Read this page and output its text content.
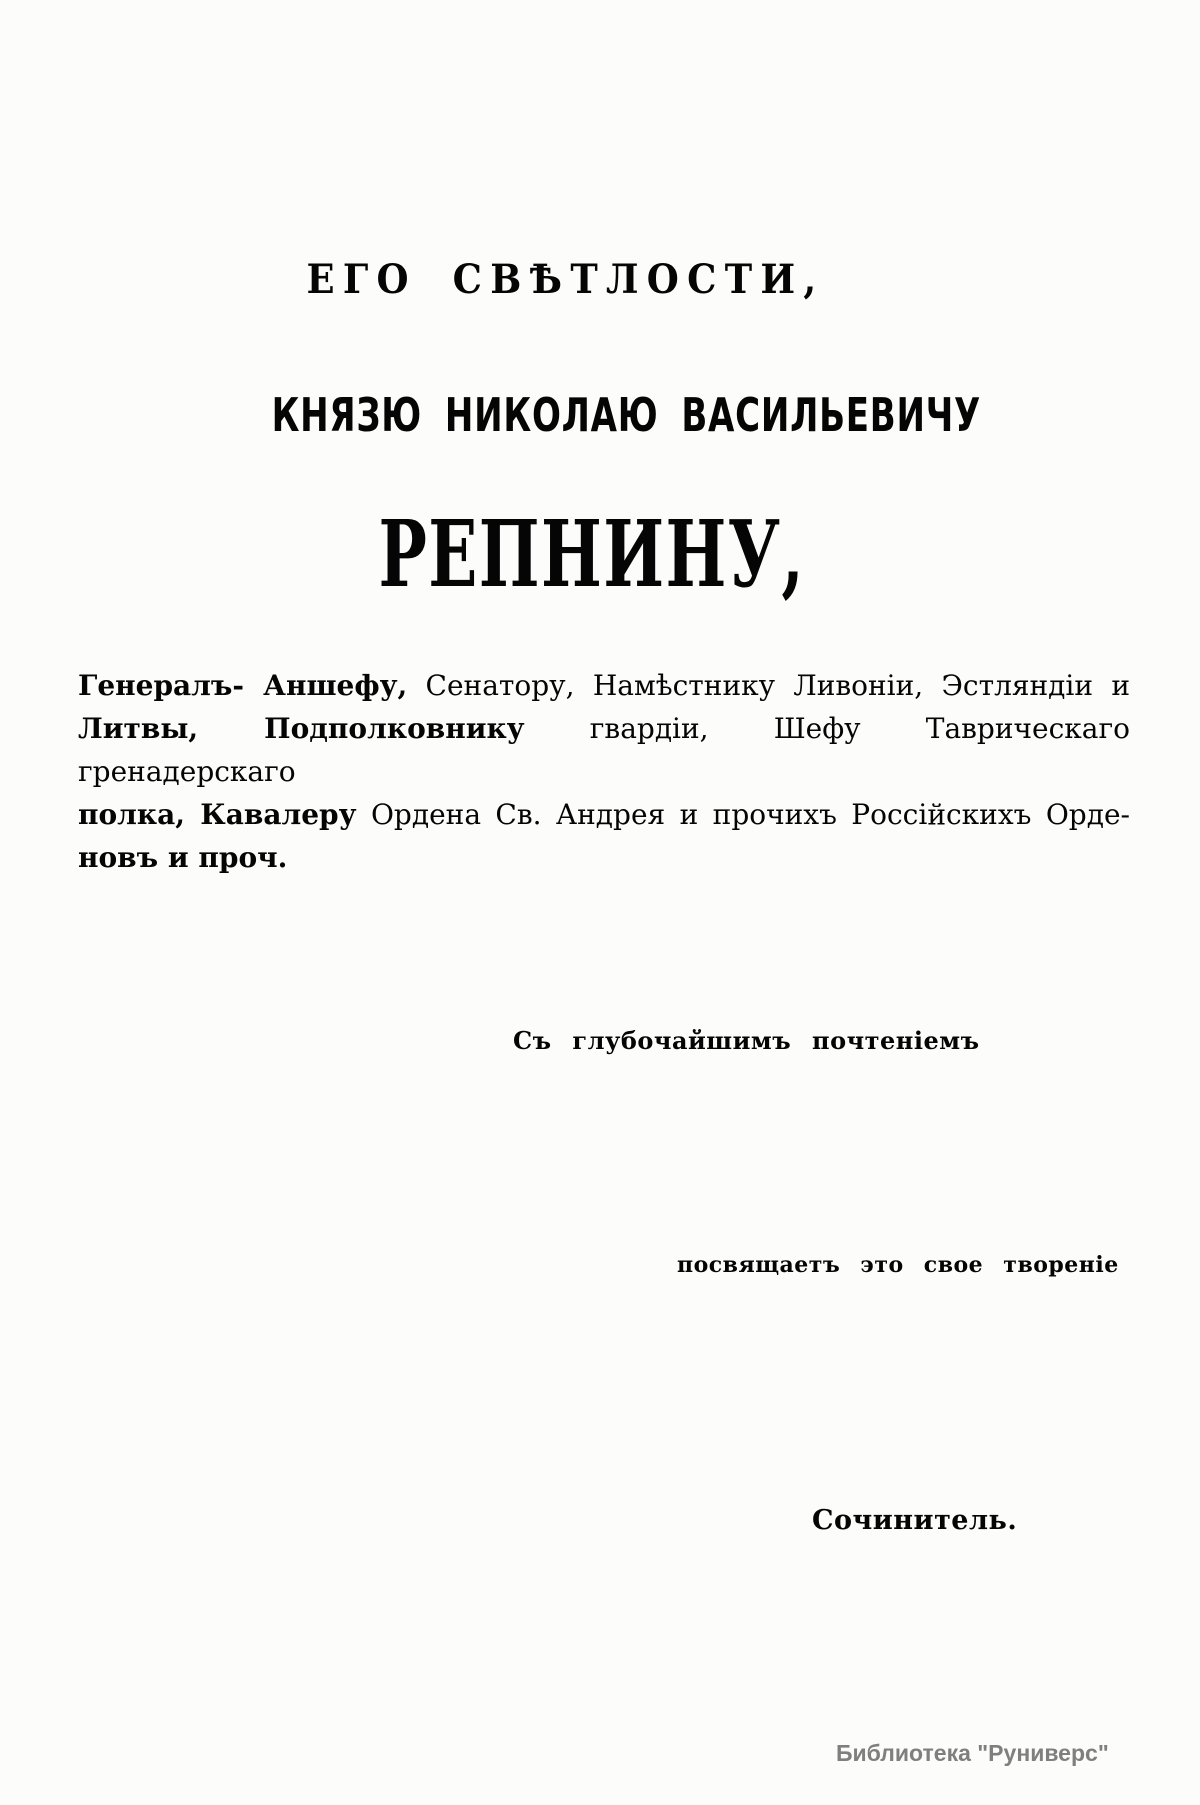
ЕГО СВѢТЛОСТИ,
КНЯЗЮ НИКОЛАЮ ВАСИЛЬЕВИЧУ
РЕПНИНУ,
Генералъ- Аншефу, Сенатору, Намѣстнику Ливоніи, Эстляндіи и
Литвы, Подполковнику гвардіи, Шефу Таврическаго гренадерскаго
полка, Кавалеру Ордена Св. Андрея и прочихъ Россійскихъ Орде-
новъ и проч.
Съ глубочайшимъ почтеніемъ
посвящаетъ это свое твореніе
Сочинитель.
Библиотека "Руниверс"
